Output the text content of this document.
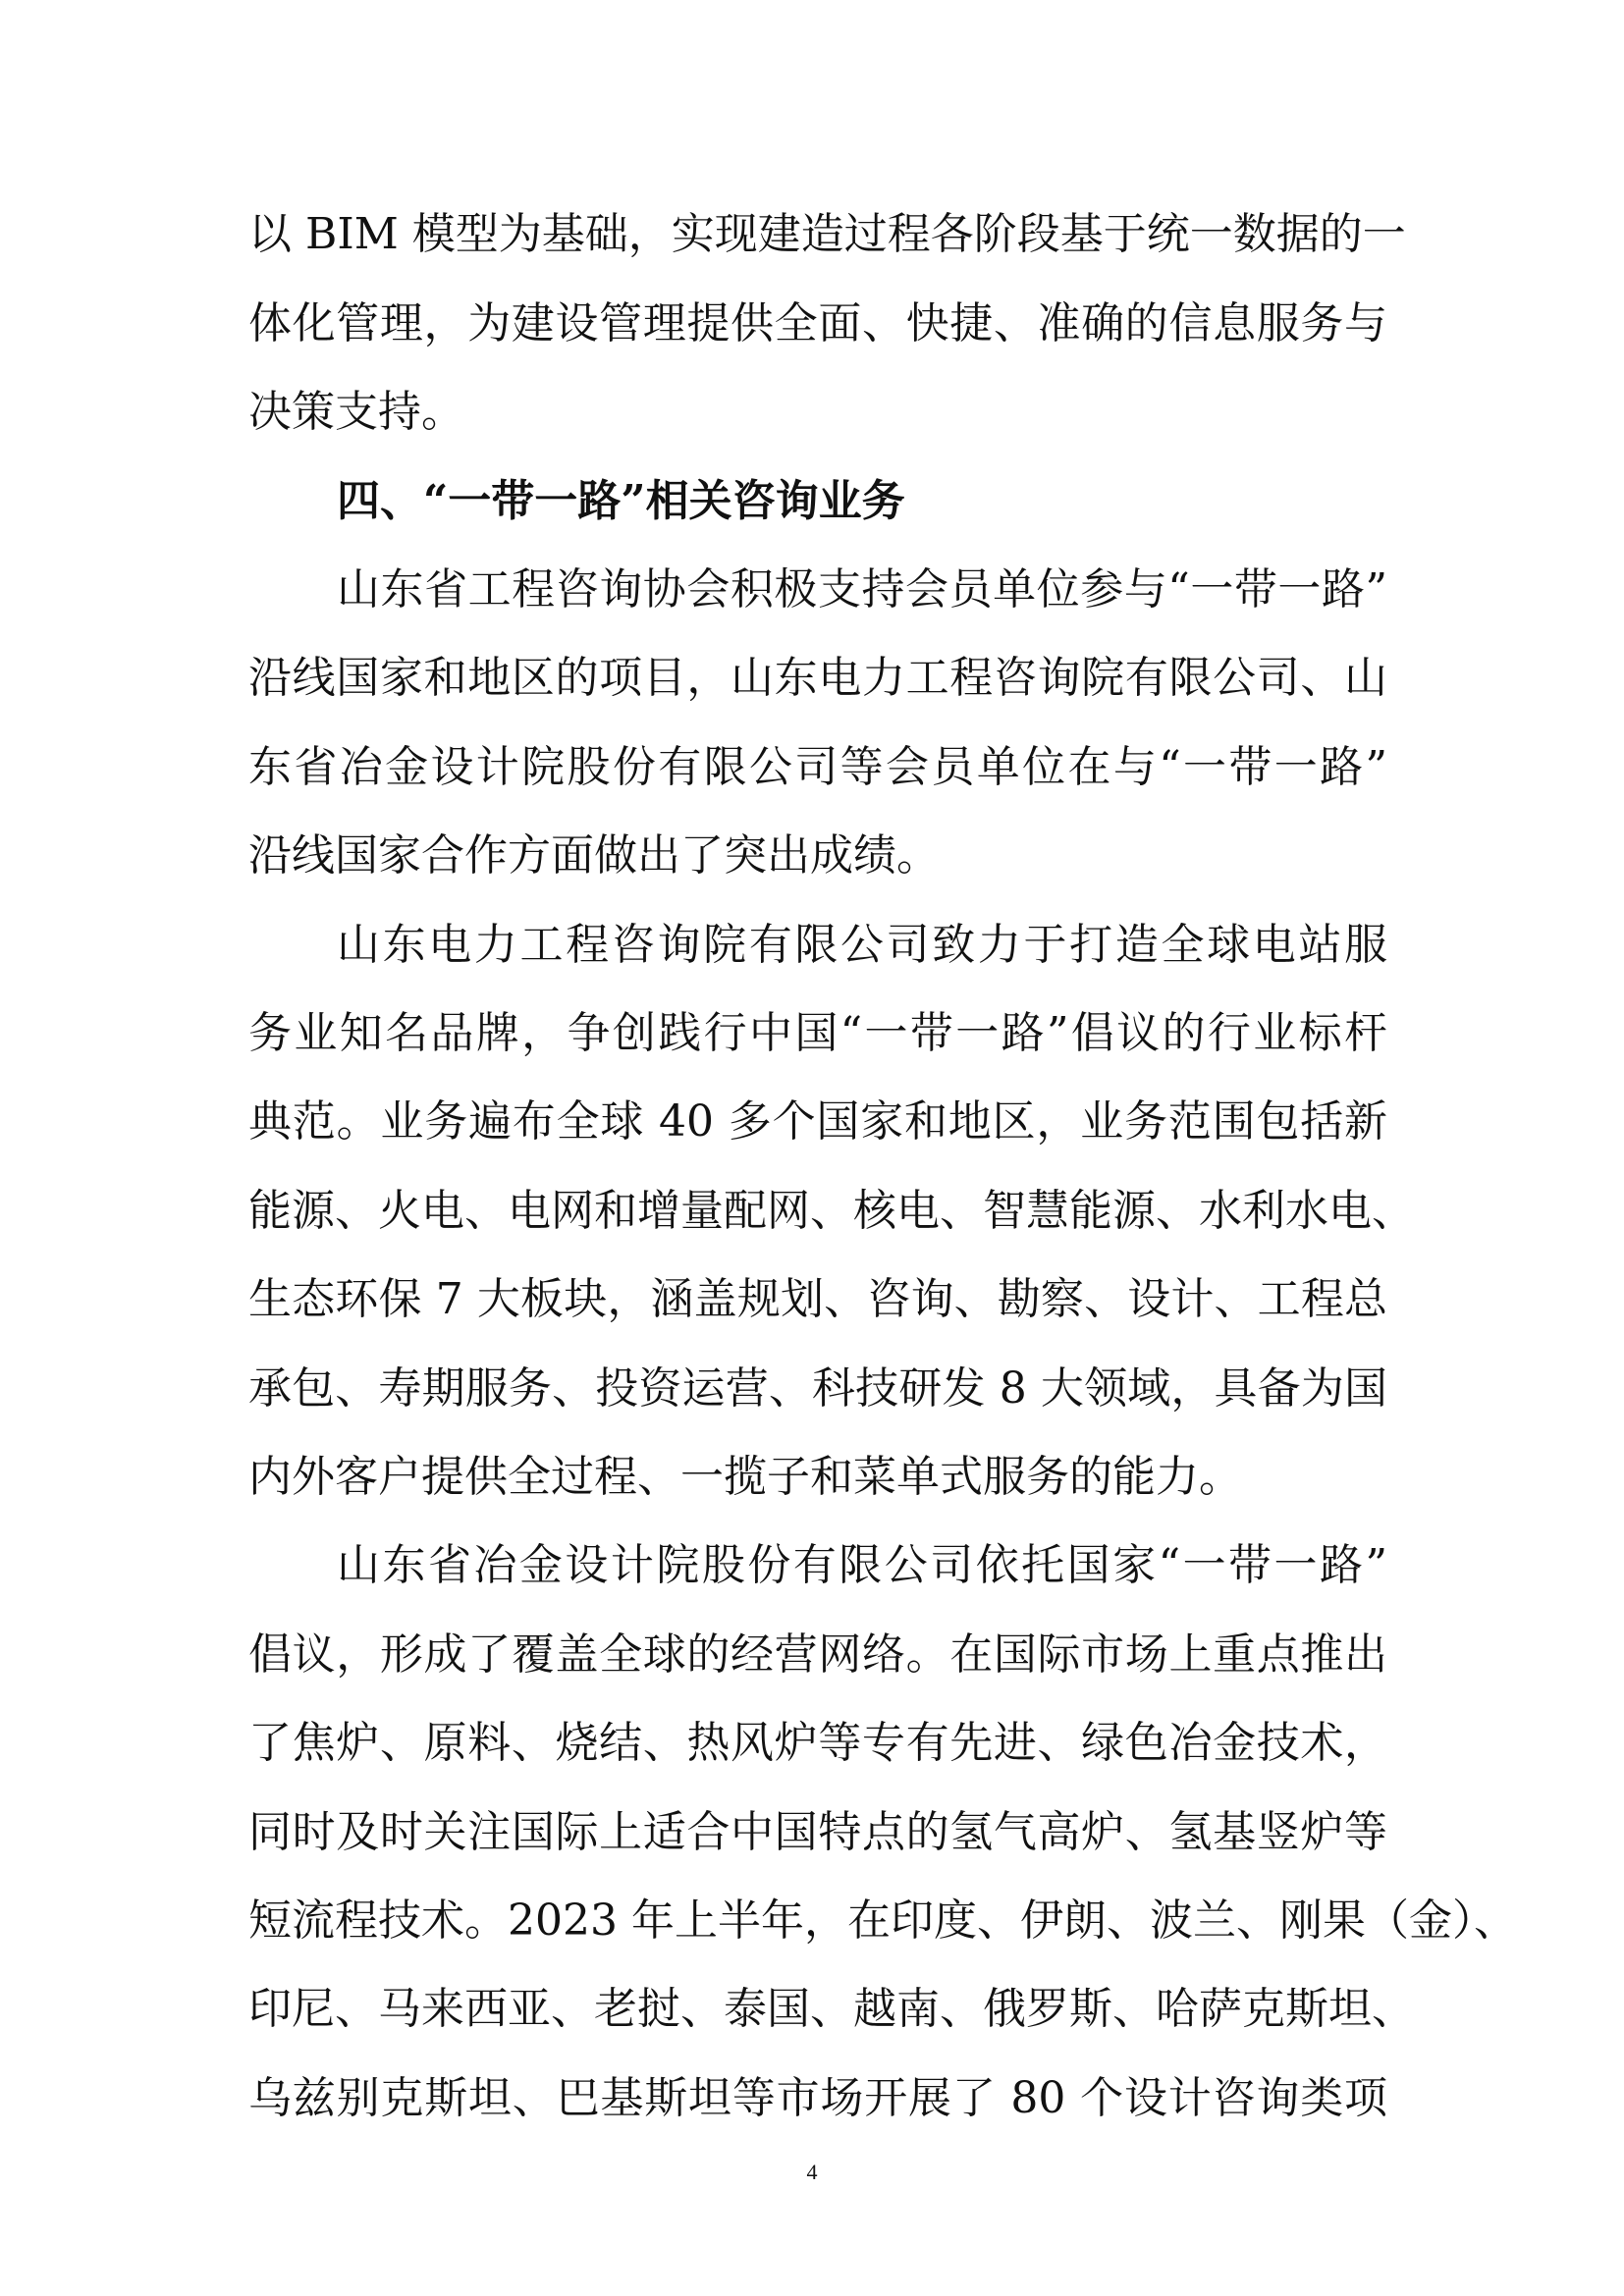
以 BIM 模型为基础，实现建造过程各阶段基于统一数据的一
体化管理，为建设管理提供全面、快捷、准确的信息服务与
决策支持。
四、“一带一路”相关咨询业务
山东省工程咨询协会积极支持会员单位参与“一带一路”
沿线国家和地区的项目，山东电力工程咨询院有限公司、山
东省冶金设计院股份有限公司等会员单位在与“一带一路”
沿线国家合作方面做出了突出成绩。
山东电力工程咨询院有限公司致力于打造全球电站服
务业知名品牌，争创践行中国“一带一路”倡议的行业标杆
典范。业务遍布全球 40 多个国家和地区，业务范围包括新
能源、火电、电网和增量配网、核电、智慧能源、水利水电、
生态环保 7 大板块，涵盖规划、咨询、勘察、设计、工程总
承包、寿期服务、投资运营、科技研发 8 大领域，具备为国
内外客户提供全过程、一揽子和菜单式服务的能力。
山东省冶金设计院股份有限公司依托国家“一带一路”
倡议，形成了覆盖全球的经营网络。在国际市场上重点推出
了焦炉、原料、烧结、热风炉等专有先进、绿色冶金技术，
同时及时关注国际上适合中国特点的氢气高炉、氢基竖炉等
短流程技术。2023 年上半年，在印度、伊朗、波兰、刚果（金）、
印尼、马来西亚、老挝、泰国、越南、俄罗斯、哈萨克斯坦、
乌兹别克斯坦、巴基斯坦等市场开展了 80 个设计咨询类项
4
